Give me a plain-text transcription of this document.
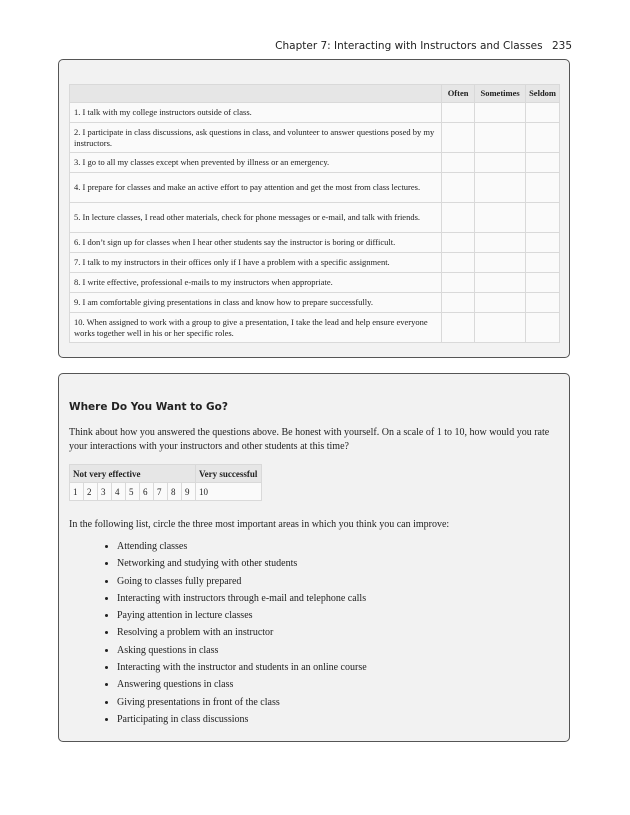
Chapter 7: Interacting with Instructors and Classes 235
	Often	Sometimes	Seldom
1. I talk with my college instructors outside of class.			
2. I participate in class discussions, ask questions in class, and volunteer to answer questions posed by my instructors.			
3. I go to all my classes except when prevented by illness or an emergency.			
4. I prepare for classes and make an active effort to pay attention and get the most from class lectures.			
5. In lecture classes, I read other materials, check for phone messages or e-mail, and talk with friends.			
6. I don’t sign up for classes when I hear other students say the instructor is boring or difficult.			
7. I talk to my instructors in their offices only if I have a problem with a specific assignment.			
8. I write effective, professional e-mails to my instructors when appropriate.			
9. I am comfortable giving presentations in class and know how to prepare successfully.			
10. When assigned to work with a group to give a presentation, I take the lead and help ensure everyone works together well in his or her specific roles.			
Where Do You Want to Go?
Think about how you answered the questions above. Be honest with yourself. On a scale of 1 to 10, how would you rate your interactions with your instructors and other students at this time?
Not very effective									Very successful
1	2	3	4	5	6	7	8	9	10
In the following list, circle the three most important areas in which you think you can improve:
• Attending classes
• Networking and studying with other students
• Going to classes fully prepared
• Interacting with instructors through e-mail and telephone calls
• Paying attention in lecture classes
• Resolving a problem with an instructor
• Asking questions in class
• Interacting with the instructor and students in an online course
• Answering questions in class
• Giving presentations in front of the class
• Participating in class discussions
